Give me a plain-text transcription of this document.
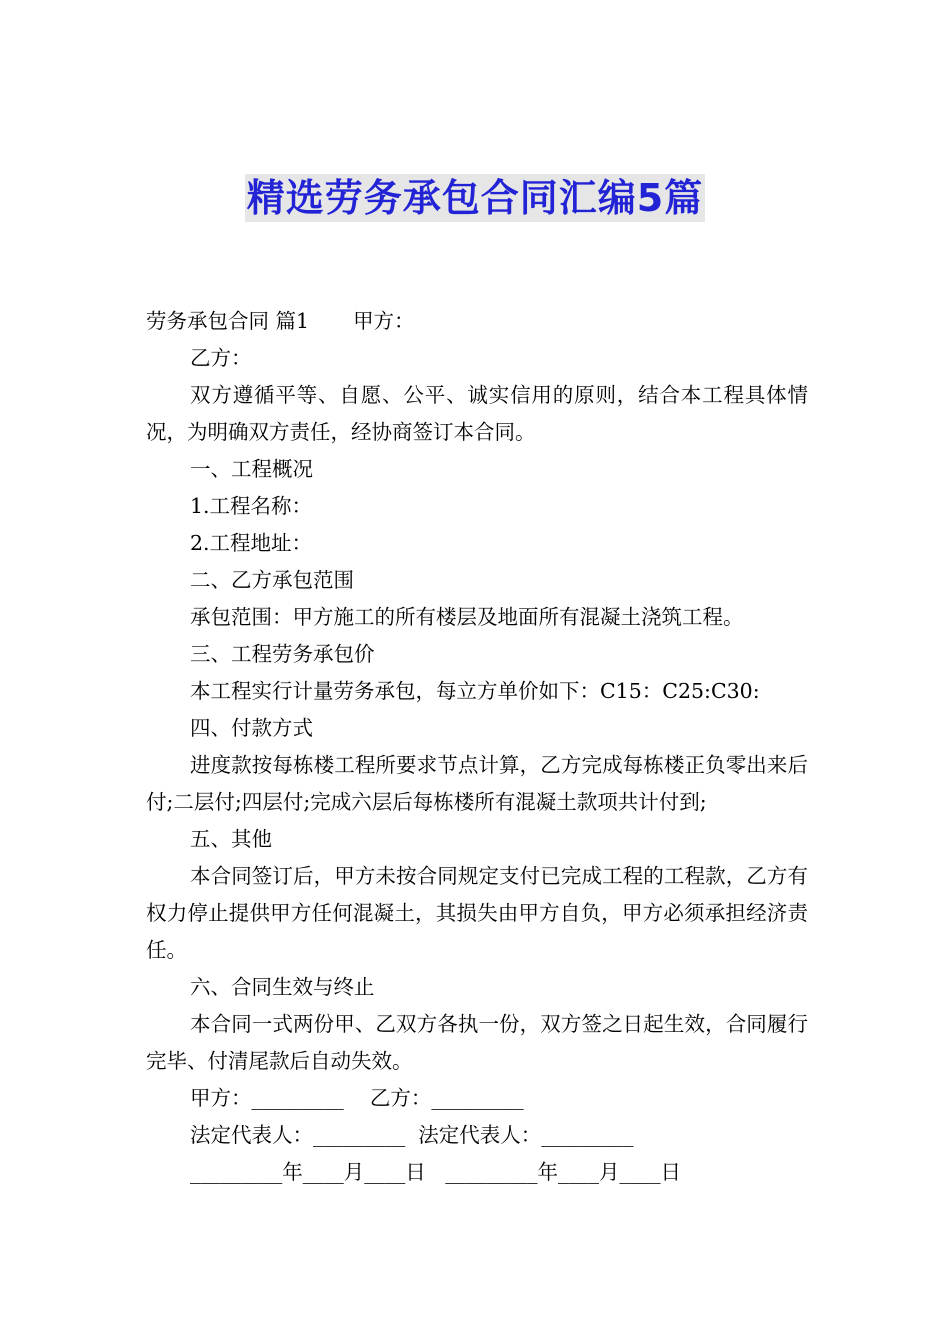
精选劳务承包合同汇编5篇

劳务承包合同 篇1 甲方：

乙方：

双方遵循平等、自愿、公平、诚实信用的原则，结合本工程具体情况，为明确双方责任，经协商签订本合同。

一、工程概况

1.工程名称：

2.工程地址：

二、乙方承包范围

承包范围：甲方施工的所有楼层及地面所有混凝土浇筑工程。

三、工程劳务承包价

本工程实行计量劳务承包，每立方单价如下：C15：C25:C30:

四、付款方式

进度款按每栋楼工程所要求节点计算，乙方完成每栋楼正负零出来后付;二层付;四层付;完成六层后每栋楼所有混凝土款项共计付到;

五、其他

本合同签订后，甲方未按合同规定支付已完成工程的工程款，乙方有权力停止提供甲方任何混凝土，其损失由甲方自负，甲方必须承担经济责任。

六、合同生效与终止

本合同一式两份甲、乙双方各执一份，双方签之日起生效，合同履行完毕、付清尾款后自动失效。

甲方：_________    乙方：_________

法定代表人：_________  法定代表人：_________

_________年____月____日   _________年____月____日
